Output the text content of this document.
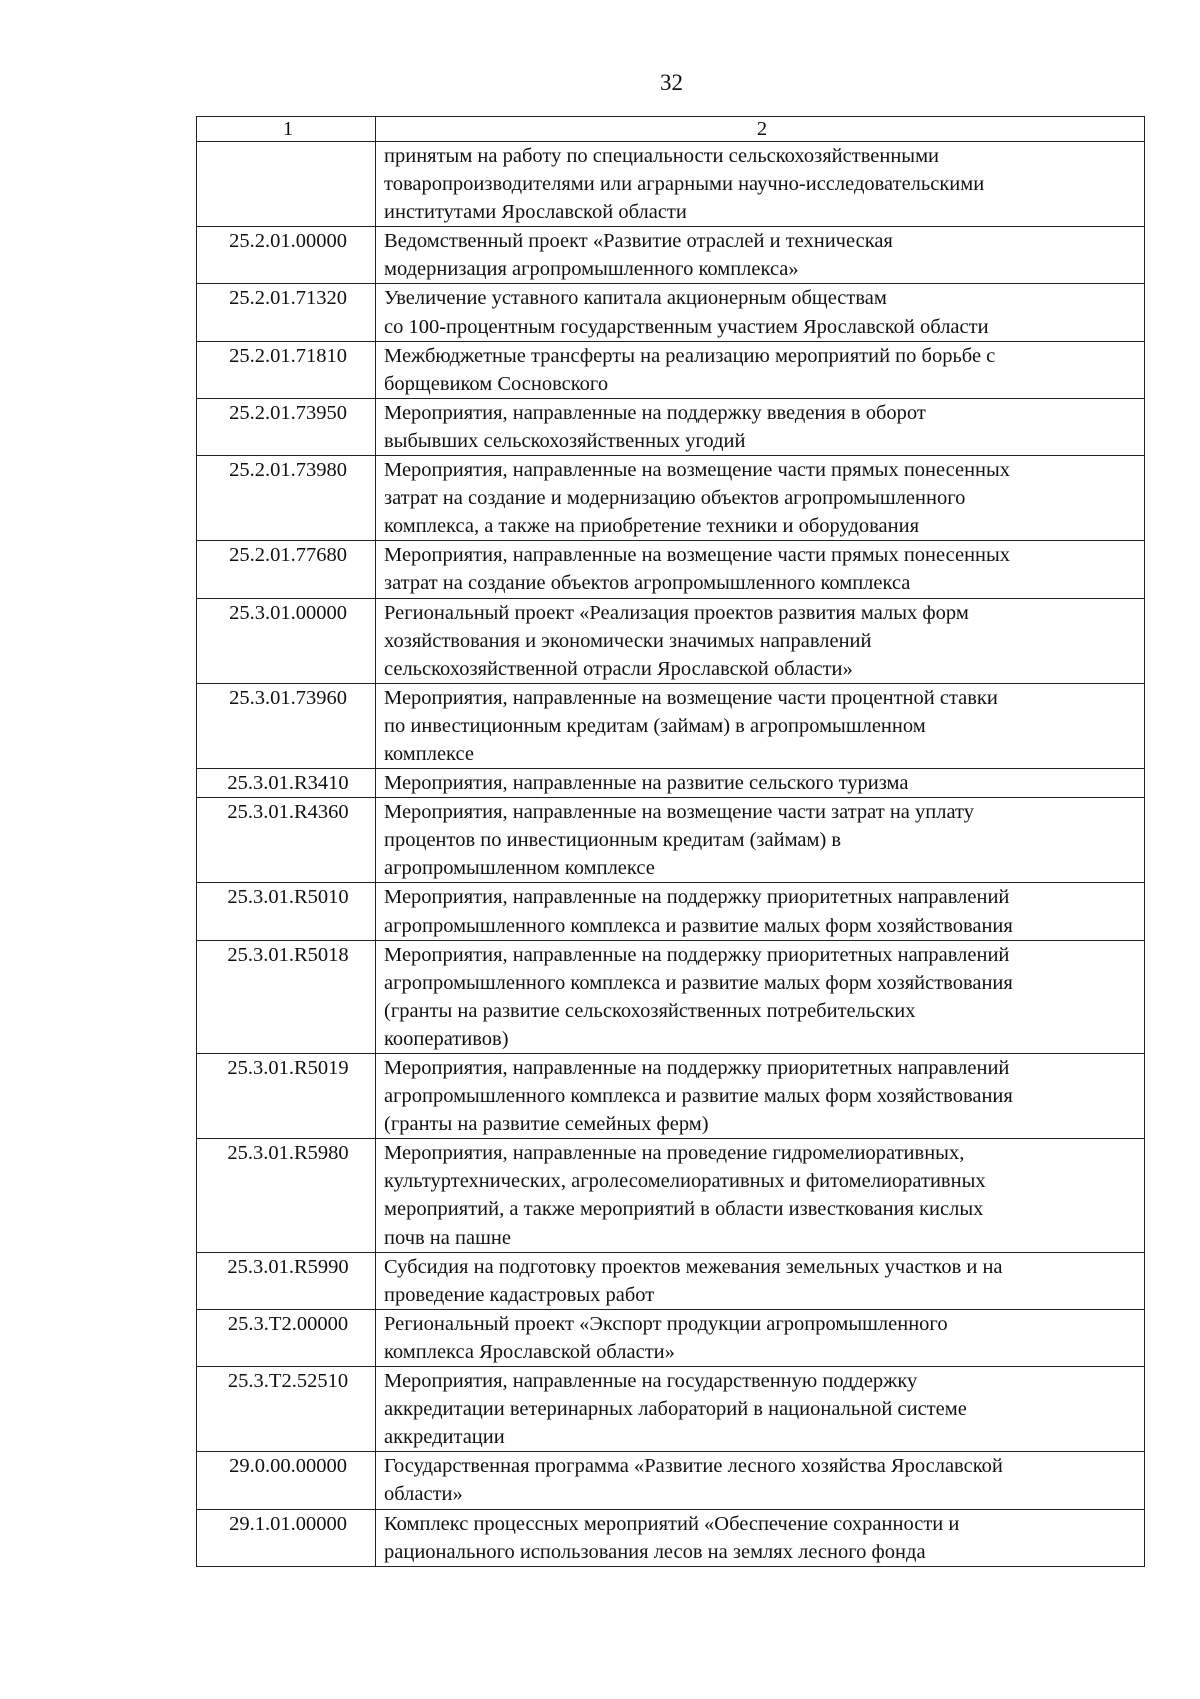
32
1	2

	принятым на работу по специальности сельскохозяйственными
товаропроизводителями или аграрными научно-исследовательскими
институтами Ярославской области

25.2.01.00000	Ведомственный проект «Развитие отраслей и техническая
модернизация агропромышленного комплекса»

25.2.01.71320	Увеличение уставного капитала акционерным обществам
со 100-процентным государственным участием Ярославской области

25.2.01.71810	Межбюджетные трансферты на реализацию мероприятий по борьбе с
борщевиком Сосновского

25.2.01.73950	Мероприятия, направленные на поддержку введения в оборот
выбывших сельскохозяйственных угодий

25.2.01.73980	Мероприятия, направленные на возмещение части прямых понесенных
затрат на создание и модернизацию объектов агропромышленного
комплекса, а также на приобретение техники и оборудования

25.2.01.77680	Мероприятия, направленные на возмещение части прямых понесенных
затрат на создание объектов агропромышленного комплекса

25.3.01.00000	Региональный проект «Реализация проектов развития малых форм
хозяйствования и экономически значимых направлений
сельскохозяйственной отрасли Ярославской области»

25.3.01.73960	Мероприятия, направленные на возмещение части процентной ставки
по инвестиционным кредитам (займам) в агропромышленном
комплексе

25.3.01.R3410	Мероприятия, направленные на развитие сельского туризма

25.3.01.R4360	Мероприятия, направленные на возмещение части затрат на уплату
процентов по инвестиционным кредитам (займам) в
агропромышленном комплексе

25.3.01.R5010	Мероприятия, направленные на поддержку приоритетных направлений
агропромышленного комплекса и развитие малых форм хозяйствования

25.3.01.R5018	Мероприятия, направленные на поддержку приоритетных направлений
агропромышленного комплекса и развитие малых форм хозяйствования
(гранты на развитие сельскохозяйственных потребительских
кооперативов)

25.3.01.R5019	Мероприятия, направленные на поддержку приоритетных направлений
агропромышленного комплекса и развитие малых форм хозяйствования
(гранты на развитие семейных ферм)

25.3.01.R5980	Мероприятия, направленные на проведение гидромелиоративных,
культуртехнических, агролесомелиоративных и фитомелиоративных
мероприятий, а также мероприятий в области известкования кислых
почв на пашне

25.3.01.R5990	Субсидия на подготовку проектов межевания земельных участков и на
проведение кадастровых работ

25.3.T2.00000	Региональный проект «Экспорт продукции агропромышленного
комплекса Ярославской области»

25.3.T2.52510	Мероприятия, направленные на государственную поддержку
аккредитации ветеринарных лабораторий в национальной системе
аккредитации

29.0.00.00000	Государственная программа «Развитие лесного хозяйства Ярославской
области»

29.1.01.00000	Комплекс процессных мероприятий «Обеспечение сохранности и
рационального использования лесов на землях лесного фонда
